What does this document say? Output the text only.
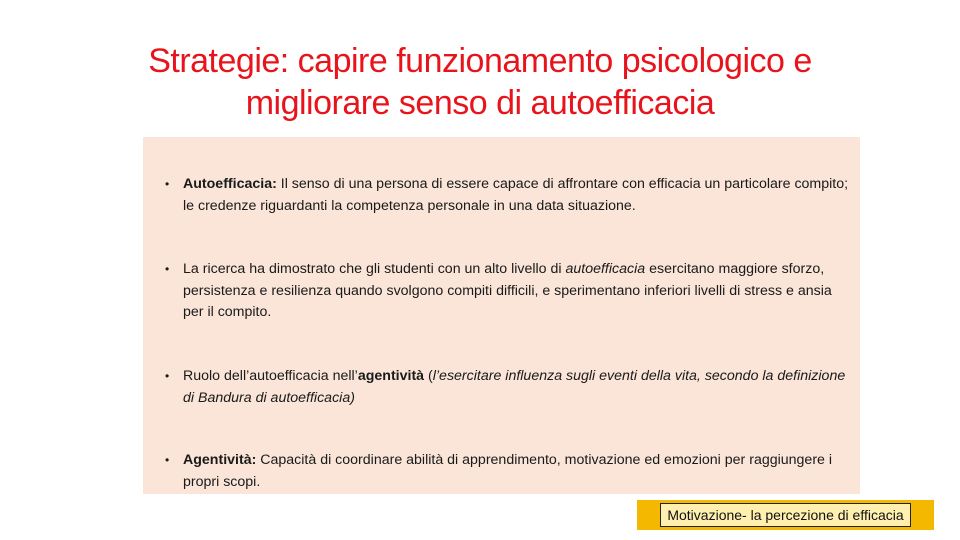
Strategie: capire funzionamento psicologico e
migliorare senso di autoefficacia
• Autoefficacia: Il senso di una persona di essere capace di affrontare con efficacia un particolare compito; le credenze riguardanti la competenza personale in una data situazione.
• La ricerca ha dimostrato che gli studenti con un alto livello di autoefficacia esercitano maggiore sforzo, persistenza e resilienza quando svolgono compiti difficili, e sperimentano inferiori livelli di stress e ansia per il compito.
• Ruolo dell’autoefficacia nell’agentività (l’esercitare influenza sugli eventi della vita, secondo la definizione di Bandura di autoefficacia)
• Agentività: Capacità di coordinare abilità di apprendimento, motivazione ed emozioni per raggiungere i propri scopi.
Motivazione- la percezione di efficacia
